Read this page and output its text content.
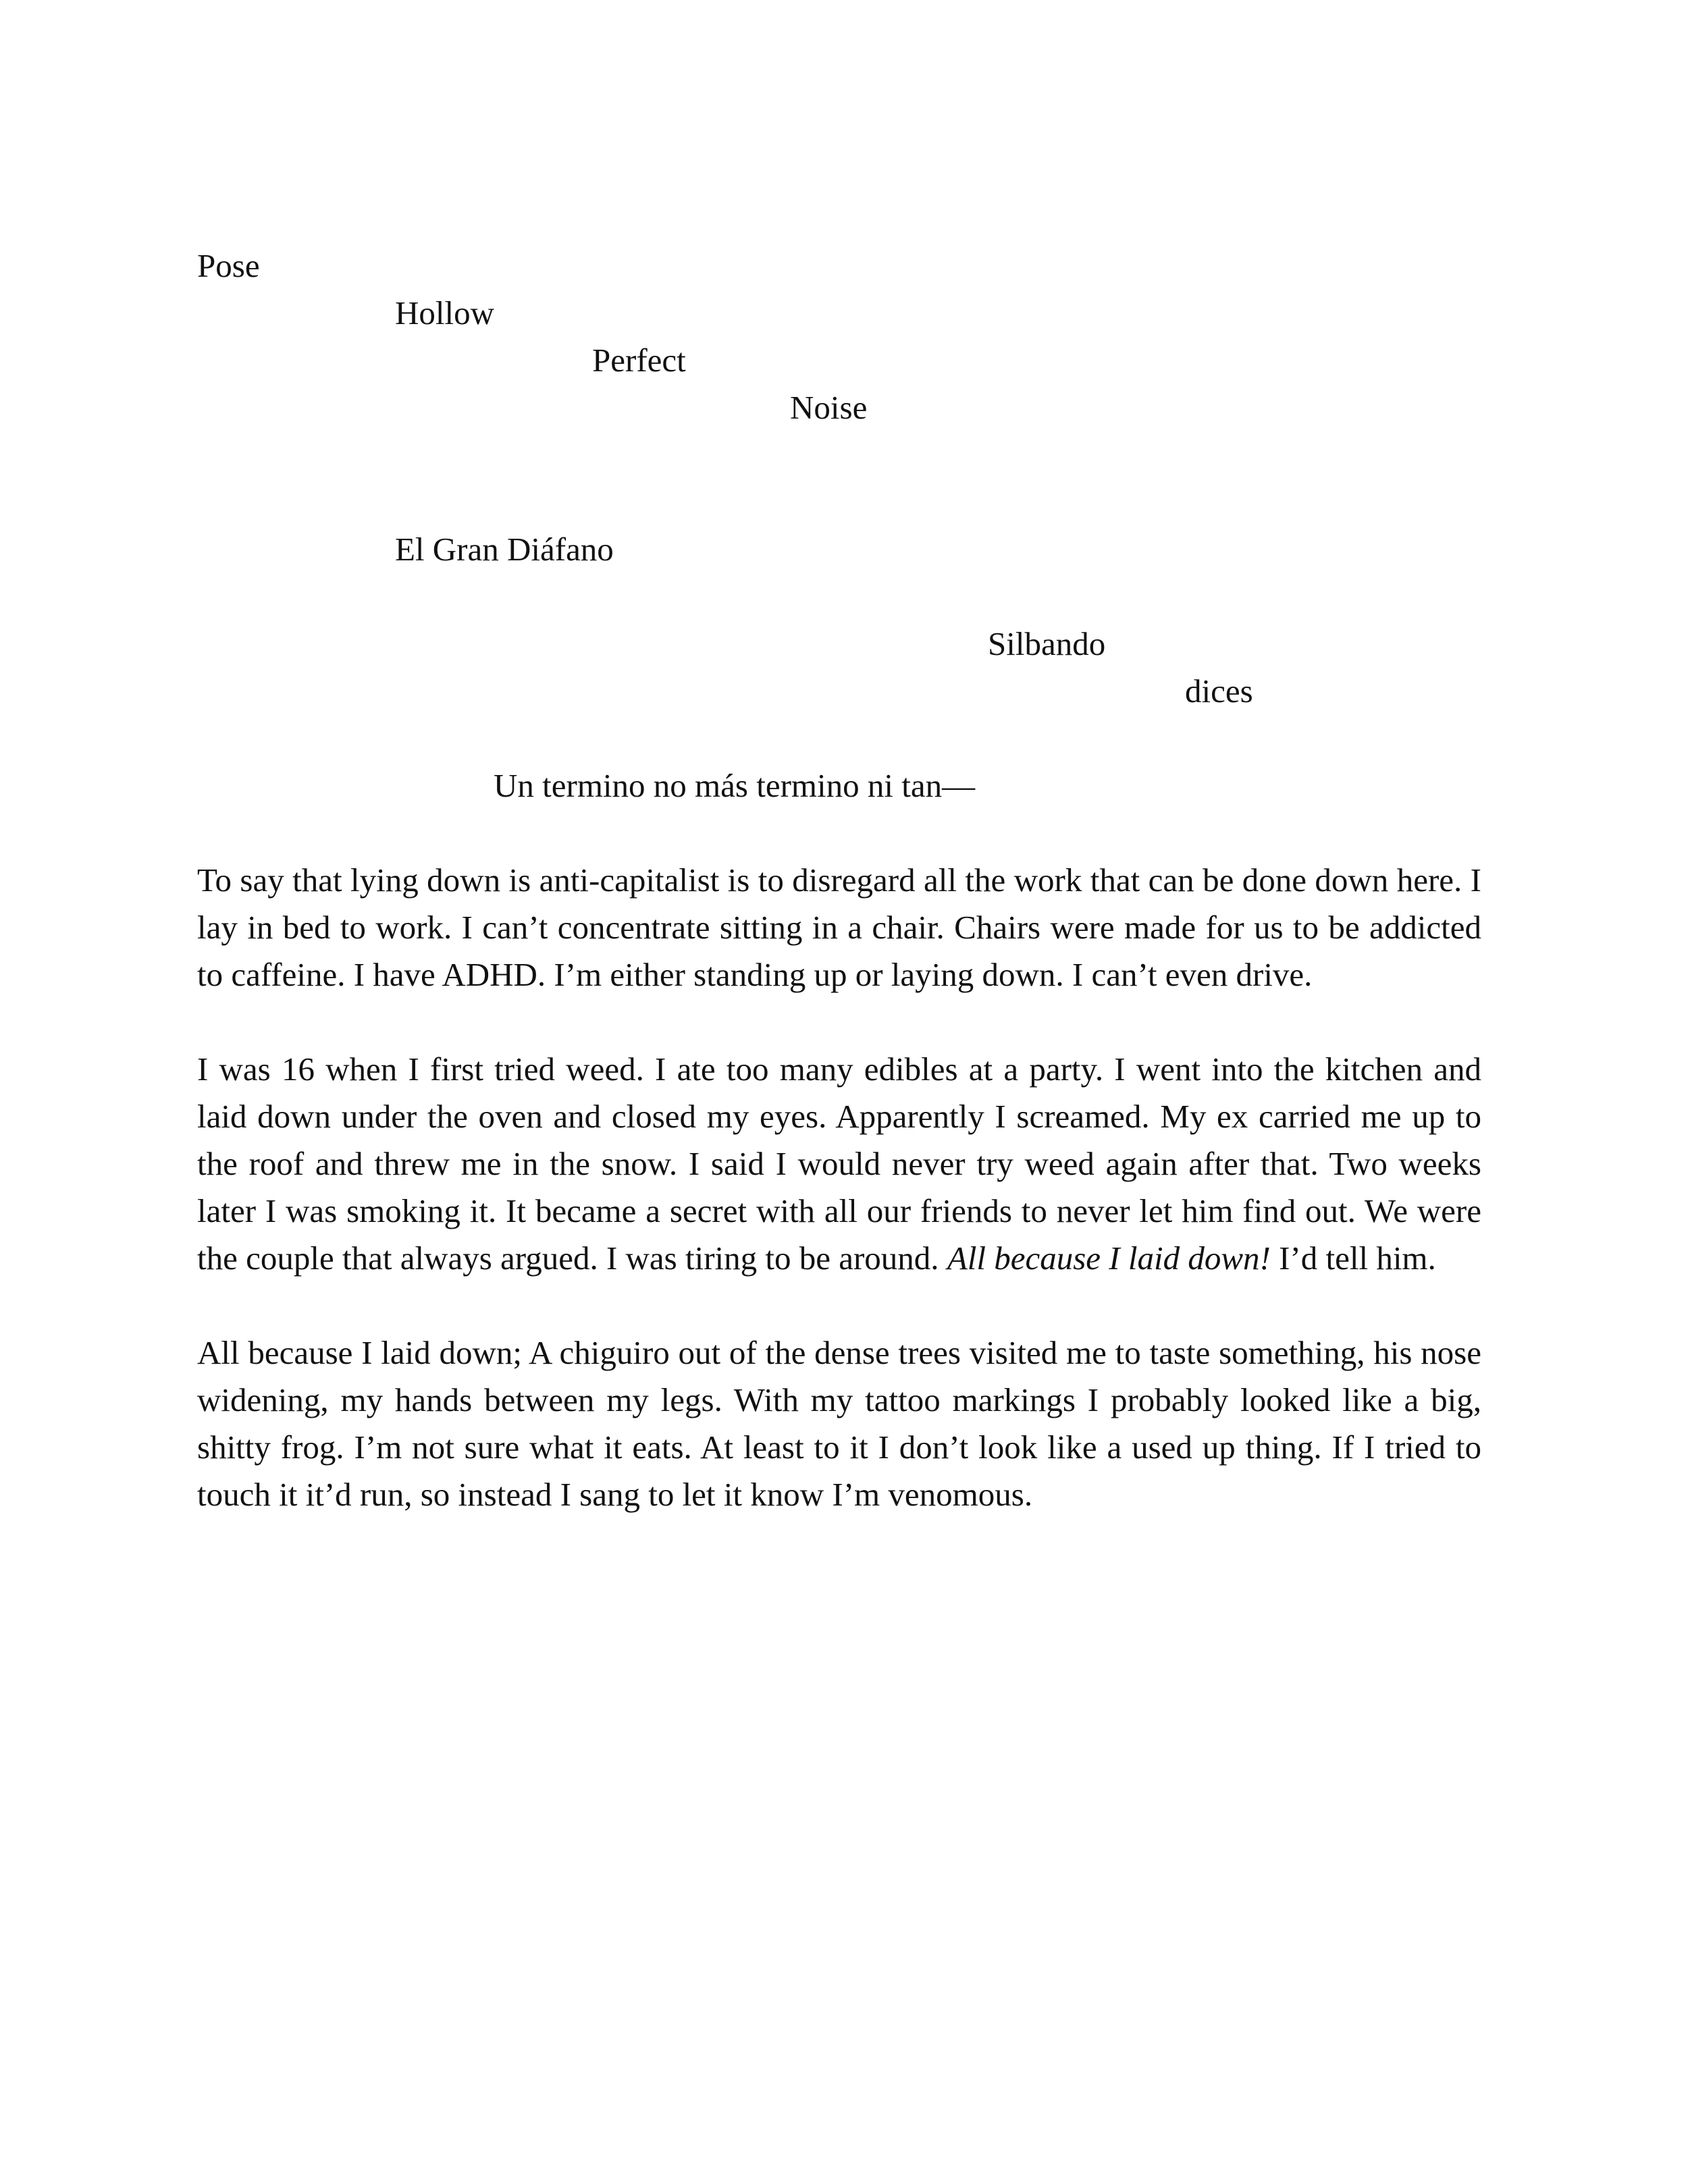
Pose
Hollow
Perfect
Noise
El Gran Diáfano
Silbando
dices
Un termino no más termino ni tan—

To say that lying down is anti-capitalist is to disregard all the work that can be done down here. I lay in bed to work. I can’t concentrate sitting in a chair. Chairs were made for us to be addicted to caffeine. I have ADHD. I’m either standing up or laying down. I can’t even drive.

I was 16 when I first tried weed. I ate too many edibles at a party. I went into the kitchen and laid down under the oven and closed my eyes. Apparently I screamed. My ex carried me up to the roof and threw me in the snow. I said I would never try weed again after that. Two weeks later I was smoking it. It became a secret with all our friends to never let him find out. We were the couple that always argued. I was tiring to be around. All because I laid down! I’d tell him.

All because I laid down; A chiguiro out of the dense trees visited me to taste something, his nose widening, my hands between my legs. With my tattoo markings I probably looked like a big, shitty frog. I’m not sure what it eats. At least to it I don’t look like a used up thing. If I tried to touch it it’d run, so instead I sang to let it know I’m venomous.
